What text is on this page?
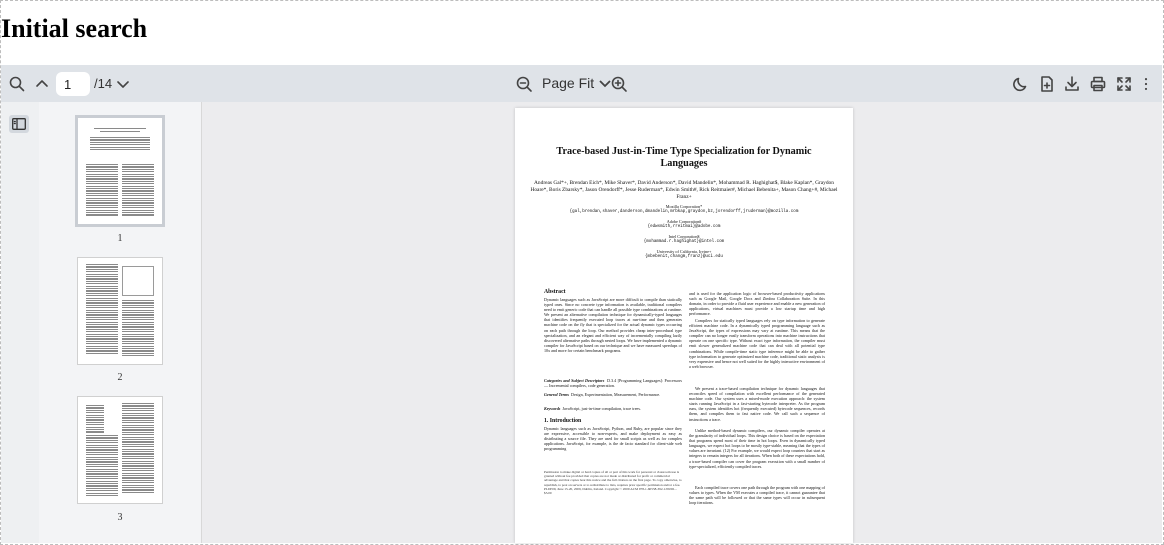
Initial search
1
/14	Page Fit
1
2
3
Trace-based Just-in-Time Type Specialization for Dynamic Languages
Andreas Gal*+, Brendan Eich*, Mike Shaver*, David Anderson*, David Mandelin*, Mohammad R. Haghighat$, Blake Kaplan*, Graydon Hoare*, Boris Zbarsky*, Jason Orendorff*, Jesse Ruderman*, Edwin Smith#, Rick Reitmaier#, Michael Bebenita+, Mason Chang+#, Michael Franz+
Mozilla Corporation*
{gal,brendan,shaver,danderson,dmandelin,mrbkap,graydon,bz,jorendorff,jruderman}@mozilla.com
Adobe Corporation#
{edwsmith,rreitmai}@adobe.com
Intel Corporation$
{mohammad.r.haghighat}@intel.com
University of California, Irvine+
{mbebenit,changm,franz}@uci.edu
Abstract
Dynamic languages such as JavaScript are more difficult to compile than statically typed ones. Since no concrete type information is available, traditional compilers need to emit generic code that can handle all possible type combinations at runtime. We present an alternative compilation technique for dynamically-typed languages that identifies frequently executed loop traces at run-time and then generates machine code on the fly that is specialized for the actual dynamic types occurring on each path through the loop. Our method provides cheap inter-procedural type specialization, and an elegant and efficient way of incrementally compiling lazily discovered alternative paths through nested loops. We have implemented a dynamic compiler for JavaScript based on our technique and we have measured speedups of 10x and more for certain benchmark programs.
Categories and Subject Descriptors D.3.4 [Programming Languages]: Processors — Incremental compilers, code generation.
General Terms Design, Experimentation, Measurement, Performance.
Keywords JavaScript, just-in-time compilation, trace trees.
1. Introduction
Dynamic languages such as JavaScript, Python, and Ruby, are popular since they are expressive, accessible to non-experts, and make deployment as easy as distributing a source file. They are used for small scripts as well as for complex applications. JavaScript, for example, is the de facto standard for client-side web programming
Permission to make digital or hard copies of all or part of this work for personal or classroom use is granted without fee provided that copies are not made or distributed for profit or commercial advantage and that copies bear this notice and the full citation on the first page. To copy otherwise, to republish, to post on servers or to redistribute to lists, requires prior specific permission and/or a fee. PLDI'09, June 15-20, 2009, Dublin, Ireland. Copyright © 2009 ACM 978-1-60558-392-1/09/06... $5.00
and is used for the application logic of browser-based productivity applications such as Google Mail, Google Docs and Zimbra Collaboration Suite. In this domain, in order to provide a fluid user experience and enable a new generation of applications, virtual machines must provide a low startup time and high performance.
Compilers for statically typed languages rely on type information to generate efficient machine code. In a dynamically typed programming language such as JavaScript, the types of expressions may vary at runtime. This means that the compiler can no longer easily transform operations into machine instructions that operate on one specific type. Without exact type information, the compiler must emit slower generalized machine code that can deal with all potential type combinations. While compile-time static type inference might be able to gather type information to generate optimized machine code, traditional static analysis is very expensive and hence not well suited for the highly interactive environment of a web browser.
We present a trace-based compilation technique for dynamic languages that reconciles speed of compilation with excellent performance of the generated machine code. Our system uses a mixed-mode execution approach: the system starts running JavaScript in a fast-starting bytecode interpreter. As the program runs, the system identifies hot (frequently executed) bytecode sequences, records them, and compiles them to fast native code. We call such a sequence of instructions a trace.
Unlike method-based dynamic compilers, our dynamic compiler operates at the granularity of individual loops. This design choice is based on the expectation that programs spend most of their time in hot loops. Even in dynamically typed languages, we expect hot loops to be mostly type-stable, meaning that the types of values are invariant. (12) For example, we would expect loop counters that start as integers to remain integers for all iterations. When both of these expectations hold, a trace-based compiler can cover the program execution with a small number of type-specialized, efficiently compiled traces.
Each compiled trace covers one path through the program with one mapping of values to types. When the VM executes a compiled trace, it cannot guarantee that the same path will be followed or that the same types will occur in subsequent loop iterations.
